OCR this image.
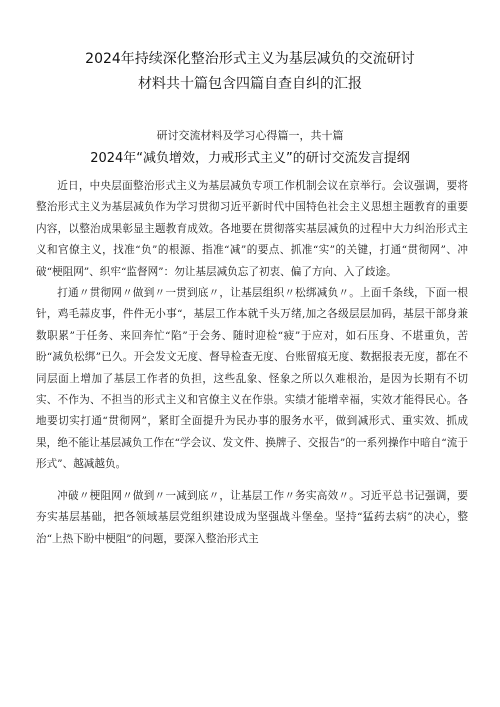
2024年持续深化整治形式主义为基层减负的交流研讨
材料共十篇包含四篇自查自纠的汇报
研讨交流材料及学习心得篇一，共十篇
2024年“减负增效，力戒形式主义”的研讨交流发言提纲

近日，中央层面整治形式主义为基层减负专项工作机制会议在京举行。会议强调，要将整治形式主义为基层减负作为学习贯彻习近平新时代中国特色社会主义思想主题教育的重要内容，以整治成果彰显主题教育成效。各地要在贯彻落实基层减负的过程中大力纠治形式主义和官僚主义，找准“负”的根源、指准“减”的要点、抓准“实”的关键，打通“贯彻网”、冲破“梗阻网”、织牢“监督网”：勿让基层减负忘了初衷、偏了方向、入了歧途。

打通〃贯彻网〃做到〃一贯到底〃，让基层组织〃松绑减负〃。上面千条线，下面一根针，鸡毛蒜皮事，件件无小事“，基层工作本就千头万绪,加之各级层层加码，基层干部身兼数职累”于任务、来回奔忙“陷”于会务、随时迎检“疲”于应对，如石压身、不堪重负，苦盼“减负松绑”已久。开会发文无度、督导检查无度、台账留痕无度、数据报表无度，都在不同层面上增加了基层工作者的负担，这些乱象、怪象之所以久难根治，是因为长期有不切实、不作为、不担当的形式主义和官僚主义在作祟。实绩才能增幸福，实效才能得民心。各地要切实打通“贯彻网”，紧盯全面提升为民办事的服务水平，做到减形式、重实效、抓成果，绝不能让基层减负工作在“学会议、发文件、换牌子、交报告”的一系列操作中暗自“流于形式”、越减越负。

冲破〃梗阻网〃做到〃一减到底〃，让基层工作〃务实高效〃。习近平总书记强调，要夯实基层基础，把各领域基层党组织建设成为坚强战斗堡垒。坚持“猛药去病”的决心，整治“上热下盼中梗阻”的问题，要深入整治形式主
